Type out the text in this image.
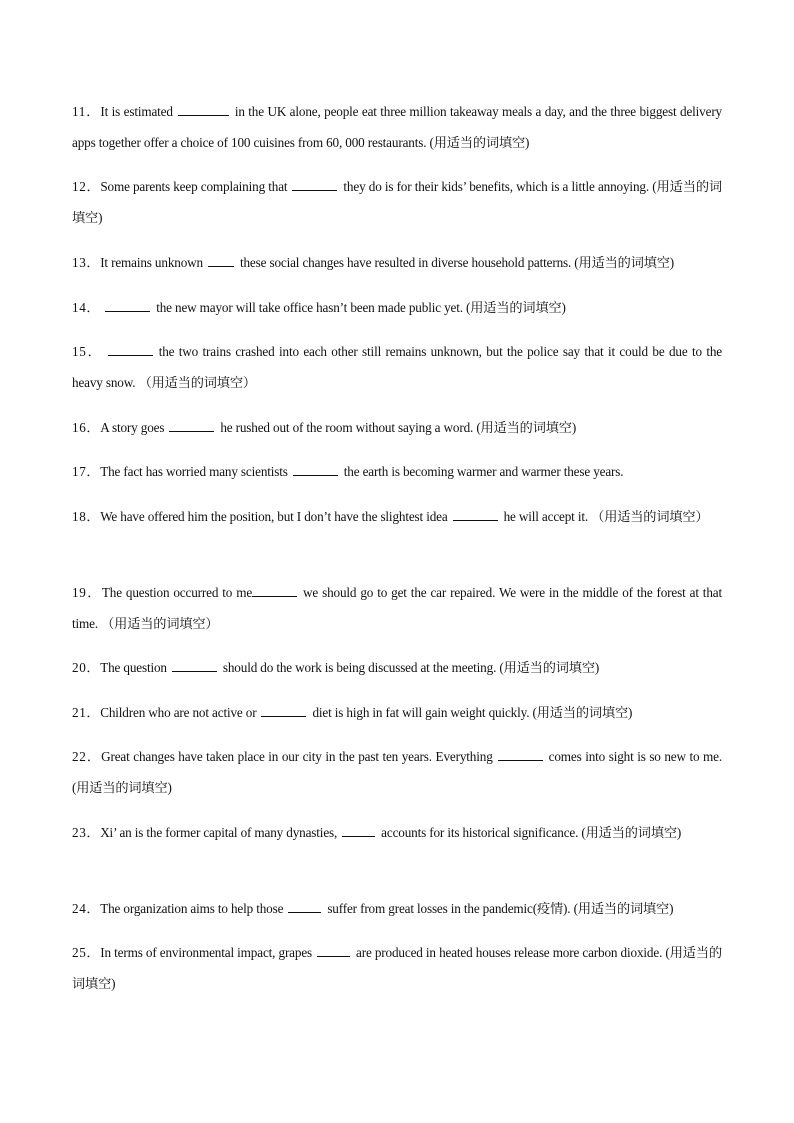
11．It is estimated	in the UK alone, people eat three million takeaway meals a day, and the three biggest delivery apps together offer a choice of 100 cuisines from 60, 000 restaurants. (用适当的词填空)

12．Some parents keep complaining that	they do is for their kids’ benefits, which is a little annoying. (用适当的词填空)

13．It remains unknown	these social changes have resulted in diverse household patterns. (用适当的词填空)

14．	the new mayor will take office hasn’t been made public yet. (用适当的词填空)

15．	the two trains crashed into each other still remains unknown, but the police say that it could be due to the heavy snow. （用适当的词填空）

16．A story goes	he rushed out of the room without saying a word. (用适当的词填空)

17．The fact has worried many scientists	the earth is becoming warmer and warmer these years.

18．We have offered him the position, but I don’t have the slightest idea	he will accept it. （用适当的词填空）

19．The question occurred to me	we should go to get the car repaired. We were in the middle of the forest at that time. （用适当的词填空）

20．The question	should do the work is being discussed at the meeting. (用适当的词填空)

21．Children who are not active or	diet is high in fat will gain weight quickly. (用适当的词填空)

22．Great changes have taken place in our city in the past ten years. Everything	comes into sight is so new to me. (用适当的词填空)

23．Xi’ an is the former capital of many dynasties,	accounts for its historical significance. (用适当的词填空)

24．The organization aims to help those	suffer from great losses in the pandemic(疫情). (用适当的词填空)

25．In terms of environmental impact, grapes	are produced in heated houses release more carbon dioxide. (用适当的词填空)
